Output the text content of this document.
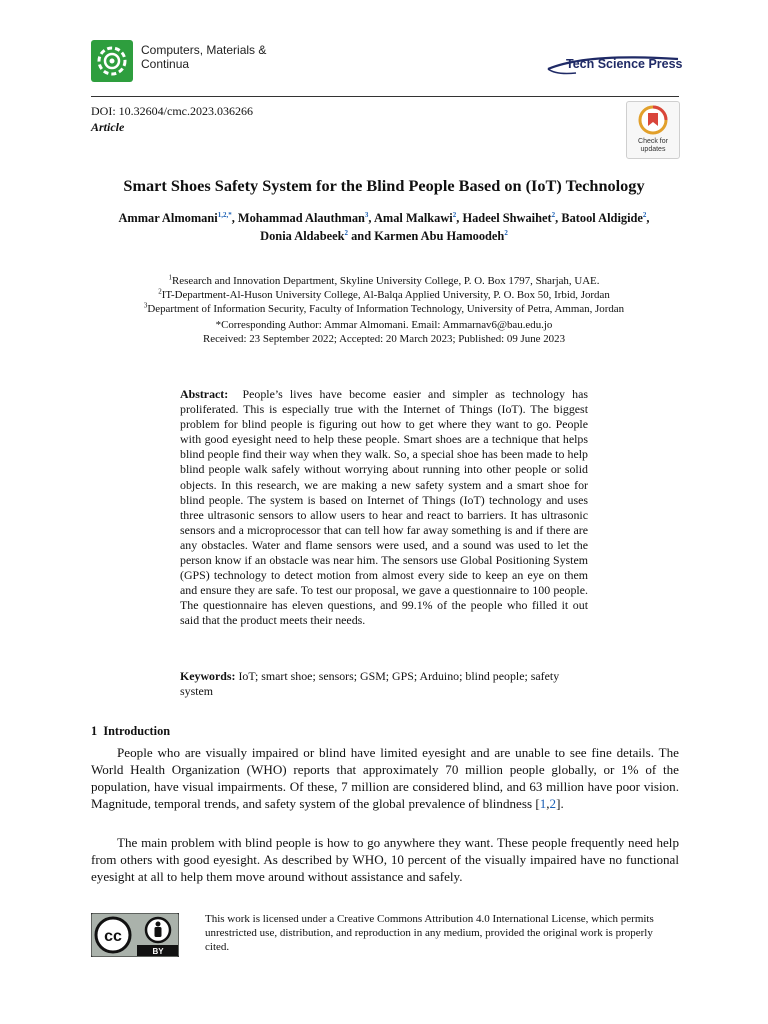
Computers, Materials &
Continua	Tech Science Press
DOI: 10.32604/cmc.2023.036266
Article
Check for
updates
Smart Shoes Safety System for the Blind People Based on (IoT) Technology
Ammar Almomani$^{1,2,*}$, Mohammad Alauthman$^3$, Amal Malkawi$^2$, Hadeel Shwaihet$^2$, Batool Aldigide$^2$,
Donia Aldabeek$^2$ and Karmen Abu Hamoodeh$^2$
$^1$Research and Innovation Department, Skyline University College, P. O. Box 1797, Sharjah, UAE.
$^2$IT-Department-Al-Huson University College, Al-Balqa Applied University, P. O. Box 50, Irbid, Jordan
$^3$Department of Information Security, Faculty of Information Technology, University of Petra, Amman, Jordan
*Corresponding Author: Ammar Almomani. Email: Ammarnav6@bau.edu.jo
Received: 23 September 2022; Accepted: 20 March 2023; Published: 09 June 2023
Abstract: People’s lives have become easier and simpler as technology has proliferated. This is especially true with the Internet of Things (IoT). The biggest problem for blind people is figuring out how to get where they want to go. People with good eyesight need to help these people. Smart shoes are a technique that helps blind people find their way when they walk. So, a special shoe has been made to help blind people walk safely without worrying about running into other people or solid objects. In this research, we are making a new safety system and a smart shoe for blind people. The system is based on Internet of Things (IoT) technology and uses three ultrasonic sensors to allow users to hear and react to barriers. It has ultrasonic sensors and a microprocessor that can tell how far away something is and if there are any obstacles. Water and flame sensors were used, and a sound was used to let the person know if an obstacle was near him. The sensors use Global Positioning System (GPS) technology to detect motion from almost every side to keep an eye on them and ensure they are safe. To test our proposal, we gave a questionnaire to 100 people. The questionnaire has eleven questions, and 99.1% of the people who filled it out said that the product meets their needs.
Keywords: IoT; smart shoe; sensors; GSM; GPS; Arduino; blind people; safety system
1 Introduction
People who are visually impaired or blind have limited eyesight and are unable to see fine details. The World Health Organization (WHO) reports that approximately 70 million people globally, or 1% of the population, have visual impairments. Of these, 7 million are considered blind, and 63 million have poor vision. Magnitude, temporal trends, and safety system of the global prevalence of blindness [1,2].
The main problem with blind people is how to go anywhere they want. These people frequently need help from others with good eyesight. As described by WHO, 10 percent of the visually impaired have no functional eyesight at all to help them move around without assistance and safely.
cc
BY
This work is licensed under a Creative Commons Attribution 4.0 International License, which permits unrestricted use, distribution, and reproduction in any medium, provided the original work is properly cited.
